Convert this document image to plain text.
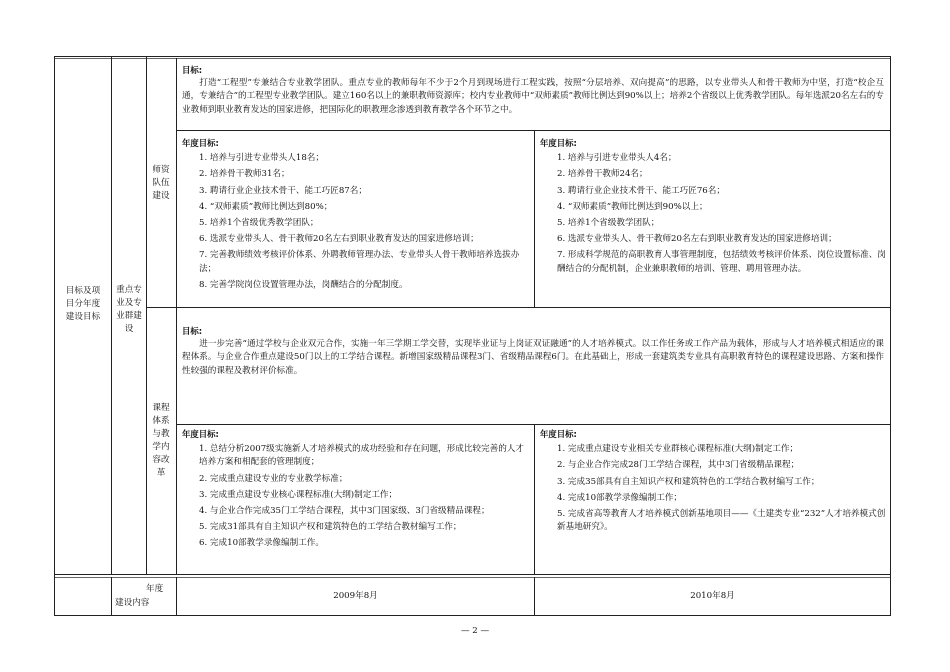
目标及项目分年度建设目标
重点专业及专业群建设
师资队伍建设
课程体系与教学内容改革
目标:
打造“工程型”专兼结合专业教学团队。重点专业的教师每年不少于2个月到现场进行工程实践，按照“分层培养、双向提高”的思路，以专业带头人和骨干教师为中坚，打造“校企互通，专兼结合”的工程型专业教学团队。建立160名以上的兼职教师资源库；校内专业教师中“双师素质”教师比例达到90%以上；培养2个省级以上优秀教学团队。每年选派20名左右的专业教师到职业教育发达的国家进修，把国际化的职教理念渗透到教育教学各个环节之中。
年度目标:
1. 培养与引进专业带头人18名；
2. 培养骨干教师31名；
3. 聘请行业企业技术骨干、能工巧匠87名；
4. “双师素质”教师比例达到80%；
5. 培养1个省级优秀教学团队；
6. 选派专业带头人、骨干教师20名左右到职业教育发达的国家进修培训；
7. 完善教师绩效考核评价体系、外聘教师管理办法、专业带头人骨干教师培养选拔办法；
8. 完善学院岗位设置管理办法，岗酬结合的分配制度。
年度目标:
1. 培养与引进专业带头人4名；
2. 培养骨干教师24名；
3. 聘请行业企业技术骨干、能工巧匠76名；
4. “双师素质”教师比例达到90%以上；
5. 培养1个省级教学团队；
6. 选派专业带头人、骨干教师20名左右到职业教育发达的国家进修培训；
7. 形成科学规范的高职教育人事管理制度，包括绩效考核评价体系、岗位设置标准、岗酬结合的分配机制，企业兼职教师的培训、管理、聘用管理办法。
目标:
进一步完善“通过学校与企业双元合作，实施一年三学期工学交替，实现毕业证与上岗证双证融通”的人才培养模式。以工作任务或工作产品为载体，形成与人才培养模式相适应的课程体系。与企业合作重点建设50门以上的工学结合课程。新增国家级精品课程3门、省级精品课程6门。在此基础上，形成一套建筑类专业具有高职教育特色的课程建设思路、方案和操作性较强的课程及教材评价标准。
年度目标:
1. 总结分析2007级实施新人才培养模式的成功经验和存在问题，形成比较完善的人才培养方案和相配套的管理制度；
2. 完成重点建设专业的专业教学标准；
3. 完成重点建设专业核心课程标准(大纲)制定工作；
4. 与企业合作完成35门工学结合课程，其中3门国家级、3门省级精品课程；
5. 完成31部具有自主知识产权和建筑特色的工学结合教材编写工作；
6. 完成10部教学录像编制工作。
年度目标:
1. 完成重点建设专业相关专业群核心课程标准(大纲)制定工作；
2. 与企业合作完成28门工学结合课程，其中3门省级精品课程；
3. 完成35部具有自主知识产权和建筑特色的工学结合教材编写工作；
4. 完成10部教学录像编制工作；
5. 完成省高等教育人才培养模式创新基地项目——《土建类专业“232”人才培养模式创新基地研究》。
年度
建设内容
2009年8月	2010年8月
— 2 —
